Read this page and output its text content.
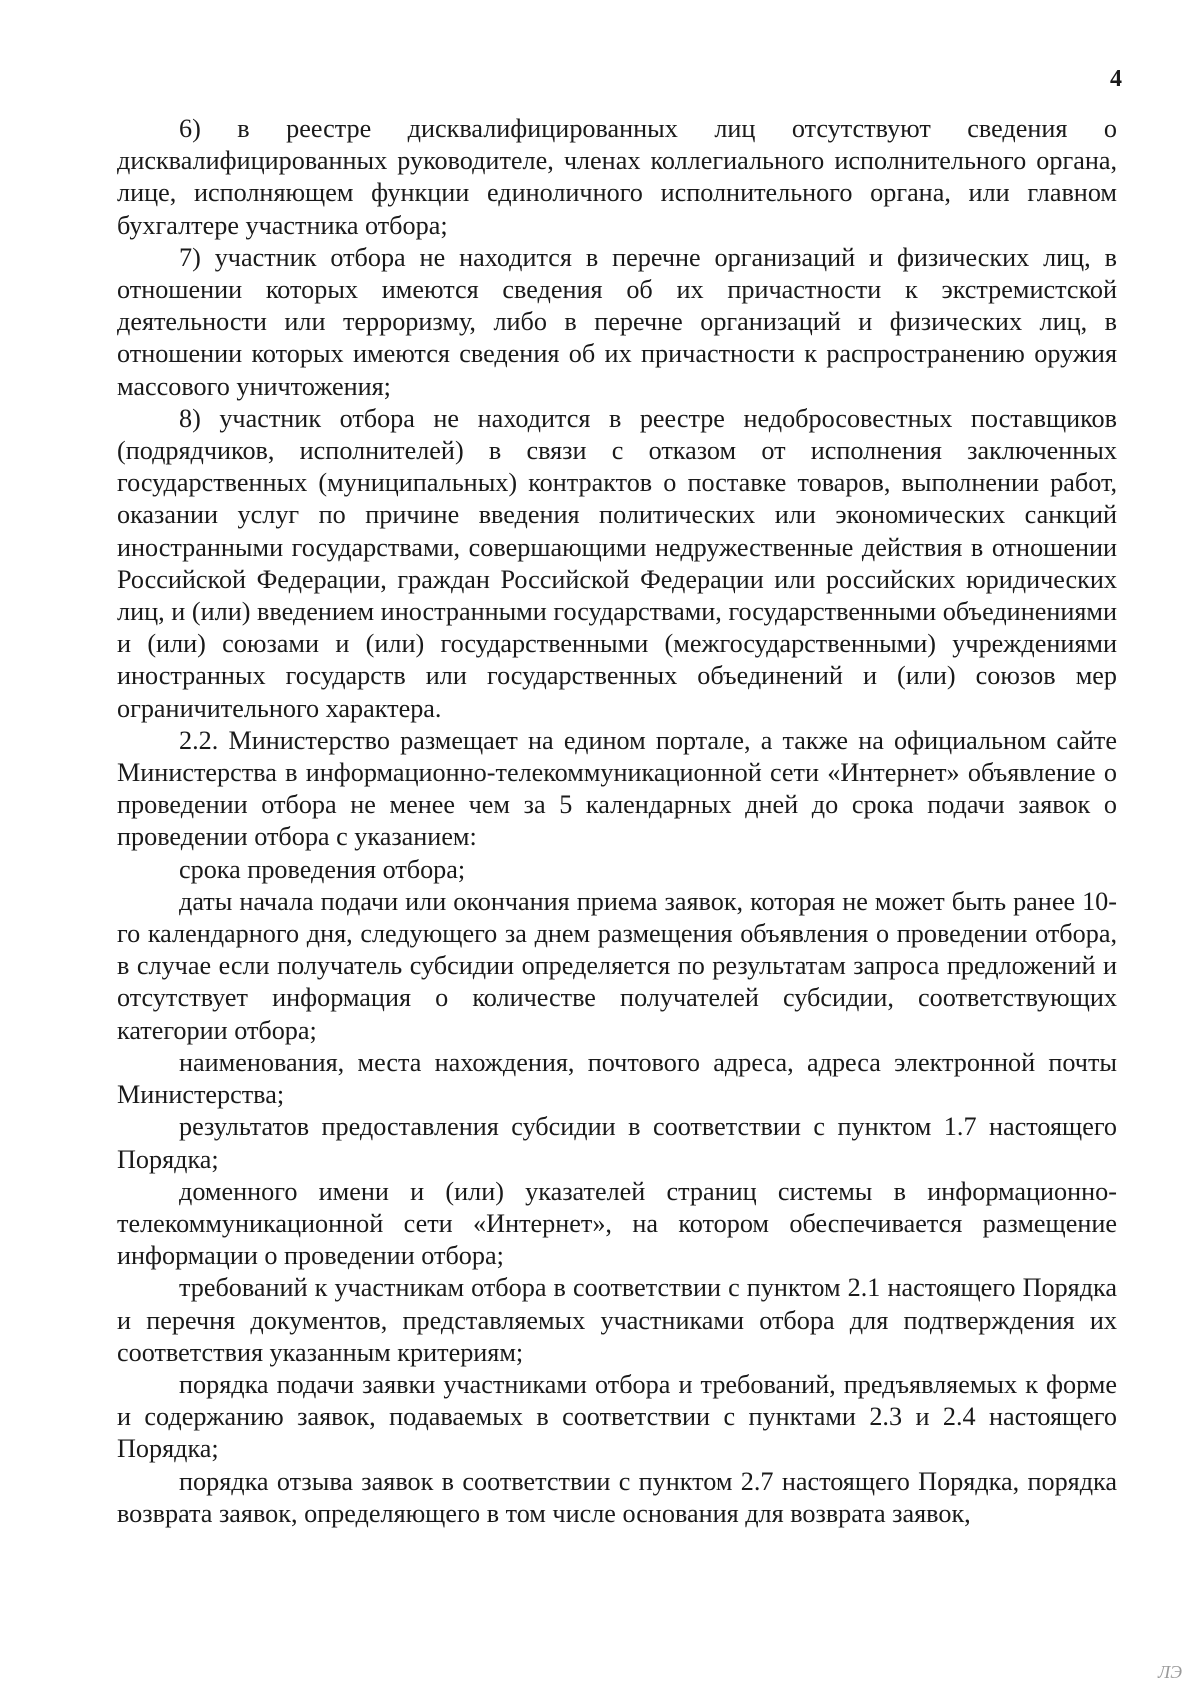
4

6) в реестре дисквалифицированных лиц отсутствуют сведения о дисквалифицированных руководителе, членах коллегиального исполнительного органа, лице, исполняющем функции единоличного исполнительного органа, или главном бухгалтере участника отбора;

7) участник отбора не находится в перечне организаций и физических лиц, в отношении которых имеются сведения об их причастности к экстремистской деятельности или терроризму, либо в перечне организаций и физических лиц, в отношении которых имеются сведения об их причастности к распространению оружия массового уничтожения;

8) участник отбора не находится в реестре недобросовестных поставщиков (подрядчиков, исполнителей) в связи с отказом от исполнения заключенных государственных (муниципальных) контрактов о поставке товаров, выполнении работ, оказании услуг по причине введения политических или экономических санкций иностранными государствами, совершающими недружественные действия в отношении Российской Федерации, граждан Российской Федерации или российских юридических лиц, и (или) введением иностранными государствами, государственными объединениями и (или) союзами и (или) государственными (межгосударственными) учреждениями иностранных государств или государственных объединений и (или) союзов мер ограничительного характера.

2.2. Министерство размещает на едином портале, а также на официальном сайте Министерства в информационно-телекоммуникационной сети «Интернет» объявление о проведении отбора не менее чем за 5 календарных дней до срока подачи заявок о проведении отбора с указанием:

срока проведения отбора;

даты начала подачи или окончания приема заявок, которая не может быть ранее 10-го календарного дня, следующего за днем размещения объявления о проведении отбора, в случае если получатель субсидии определяется по результатам запроса предложений и отсутствует информация о количестве получателей субсидии, соответствующих категории отбора;

наименования, места нахождения, почтового адреса, адреса электронной почты Министерства;

результатов предоставления субсидии в соответствии с пунктом 1.7 настоящего Порядка;

доменного имени и (или) указателей страниц системы в информационно-телекоммуникационной сети «Интернет», на котором обеспечивается размещение информации о проведении отбора;

требований к участникам отбора в соответствии с пунктом 2.1 настоящего Порядка и перечня документов, представляемых участниками отбора для подтверждения их соответствия указанным критериям;

порядка подачи заявки участниками отбора и требований, предъявляемых к форме и содержанию заявок, подаваемых в соответствии с пунктами 2.3 и 2.4 настоящего Порядка;

порядка отзыва заявок в соответствии с пунктом 2.7 настоящего Порядка, порядка возврата заявок, определяющего в том числе основания для возврата заявок,

ЛЭ
